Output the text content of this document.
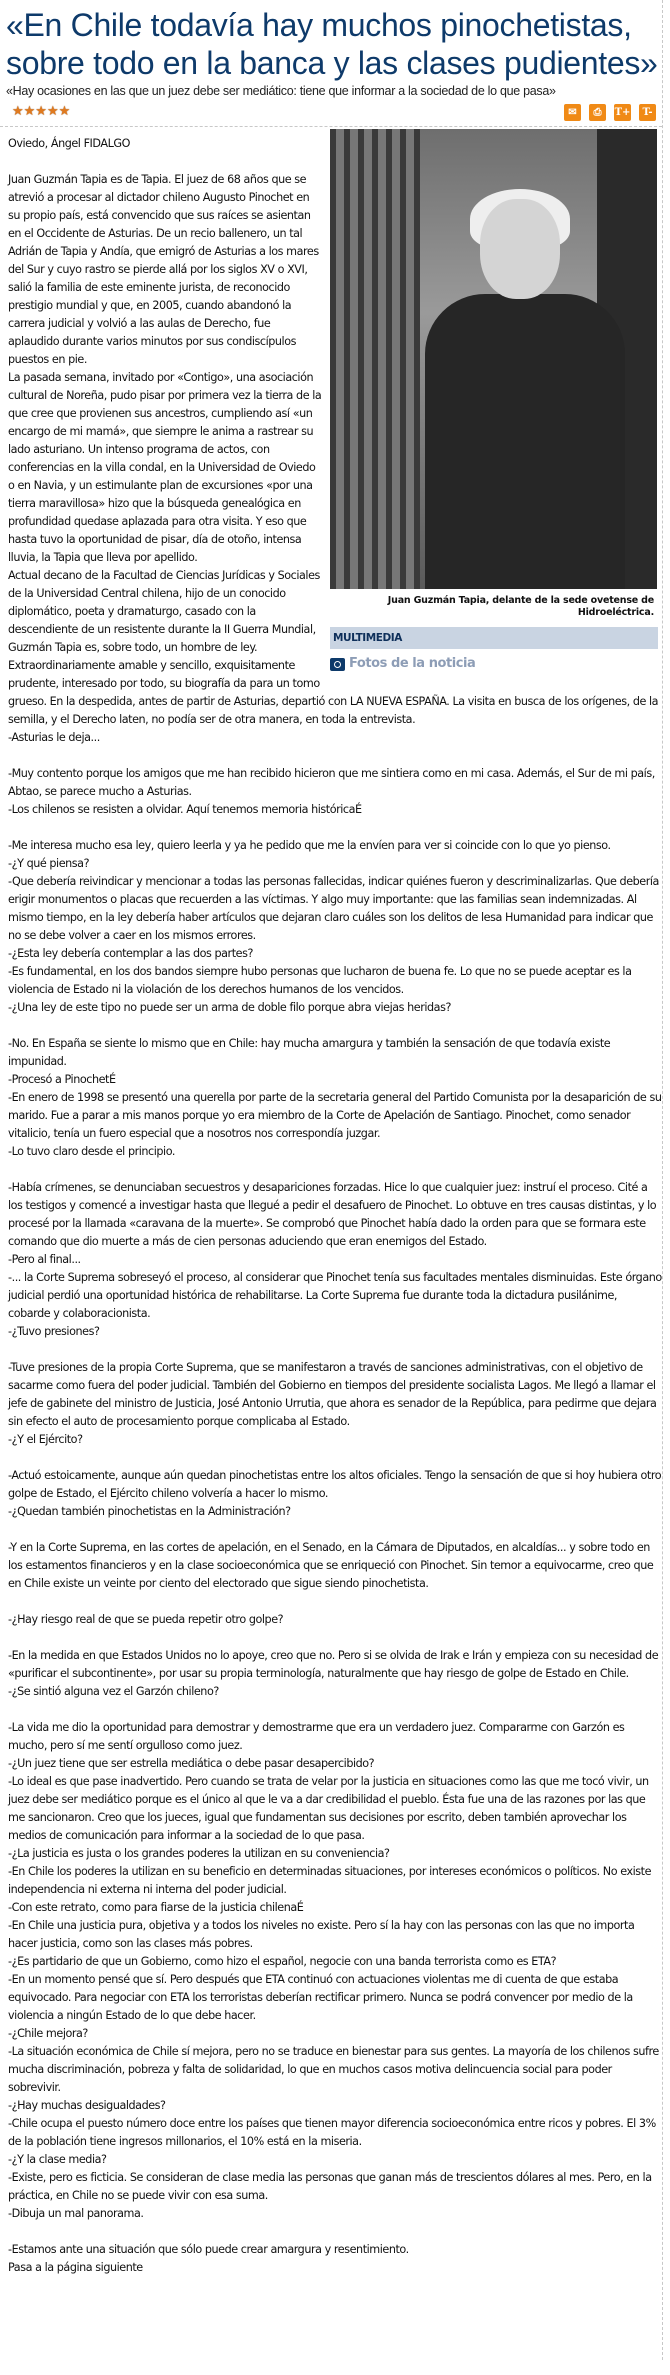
«En Chile todavía hay muchos pinochetistas, sobre todo en la banca y las clases pudientes»
«Hay ocasiones en las que un juez debe ser mediático: tiene que informar a la sociedad de lo que pasa»
★★★★★	✉	⎙	T+	T-
Juan Guzmán Tapia, delante de la sede ovetense de Hidroeléctrica.
MULTIMEDIA
Fotos de la noticia
Oviedo, Ángel FIDALGO

Juan Guzmán Tapia es de Tapia. El juez de 68 años que se atrevió a procesar al dictador chileno Augusto Pinochet en su propio país, está convencido que sus raíces se asientan en el Occidente de Asturias. De un recio ballenero, un tal Adrián de Tapia y Andía, que emigró de Asturias a los mares del Sur y cuyo rastro se pierde allá por los siglos XV o XVI, salió la familia de este eminente jurista, de reconocido prestigio mundial y que, en 2005, cuando abandonó la carrera judicial y volvió a las aulas de Derecho, fue aplaudido durante varios minutos por sus condiscípulos puestos en pie.
La pasada semana, invitado por «Contigo», una asociación cultural de Noreña, pudo pisar por primera vez la tierra de la que cree que provienen sus ancestros, cumpliendo así «un encargo de mi mamá», que siempre le anima a rastrear su lado asturiano. Un intenso programa de actos, con conferencias en la villa condal, en la Universidad de Oviedo o en Navia, y un estimulante plan de excursiones «por una tierra maravillosa» hizo que la búsqueda genealógica en profundidad quedase aplazada para otra visita. Y eso que hasta tuvo la oportunidad de pisar, día de otoño, intensa lluvia, la Tapia que lleva por apellido.
Actual decano de la Facultad de Ciencias Jurídicas y Sociales de la Universidad Central chilena, hijo de un conocido diplomático, poeta y dramaturgo, casado con la descendiente de un resistente durante la II Guerra Mundial, Guzmán Tapia es, sobre todo, un hombre de ley. Extraordinariamente amable y sencillo, exquisitamente prudente, interesado por todo, su biografía da para un tomo grueso. En la despedida, antes de partir de Asturias, departió con LA NUEVA ESPAÑA. La visita en busca de los orígenes, de la semilla, y el Derecho laten, no podía ser de otra manera, en toda la entrevista.
-Asturias le deja...

-Muy contento porque los amigos que me han recibido hicieron que me sintiera como en mi casa. Además, el Sur de mi país, Abtao, se parece mucho a Asturias.
-Los chilenos se resisten a olvidar. Aquí tenemos memoria históricaÉ

-Me interesa mucho esa ley, quiero leerla y ya he pedido que me la envíen para ver si coincide con lo que yo pienso.
-¿Y qué piensa?
-Que debería reivindicar y mencionar a todas las personas fallecidas, indicar quiénes fueron y descriminalizarlas. Que debería erigir monumentos o placas que recuerden a las víctimas. Y algo muy importante: que las familias sean indemnizadas. Al mismo tiempo, en la ley debería haber artículos que dejaran claro cuáles son los delitos de lesa Humanidad para indicar que no se debe volver a caer en los mismos errores.
-¿Esta ley debería contemplar a las dos partes?
-Es fundamental, en los dos bandos siempre hubo personas que lucharon de buena fe. Lo que no se puede aceptar es la violencia de Estado ni la violación de los derechos humanos de los vencidos.
-¿Una ley de este tipo no puede ser un arma de doble filo porque abra viejas heridas?

-No. En España se siente lo mismo que en Chile: hay mucha amargura y también la sensación de que todavía existe impunidad.
-Procesó a PinochetÉ
-En enero de 1998 se presentó una querella por parte de la secretaria general del Partido Comunista por la desaparición de su marido. Fue a parar a mis manos porque yo era miembro de la Corte de Apelación de Santiago. Pinochet, como senador vitalicio, tenía un fuero especial que a nosotros nos correspondía juzgar.
-Lo tuvo claro desde el principio.

-Había crímenes, se denunciaban secuestros y desapariciones forzadas. Hice lo que cualquier juez: instruí el proceso. Cité a los testigos y comencé a investigar hasta que llegué a pedir el desafuero de Pinochet. Lo obtuve en tres causas distintas, y lo procesé por la llamada «caravana de la muerte». Se comprobó que Pinochet había dado la orden para que se formara este comando que dio muerte a más de cien personas aduciendo que eran enemigos del Estado.
-Pero al final...
-... la Corte Suprema sobreseyó el proceso, al considerar que Pinochet tenía sus facultades mentales disminuidas. Este órgano judicial perdió una oportunidad histórica de rehabilitarse. La Corte Suprema fue durante toda la dictadura pusilánime, cobarde y colaboracionista.
-¿Tuvo presiones?

-Tuve presiones de la propia Corte Suprema, que se manifestaron a través de sanciones administrativas, con el objetivo de sacarme como fuera del poder judicial. También del Gobierno en tiempos del presidente socialista Lagos. Me llegó a llamar el jefe de gabinete del ministro de Justicia, José Antonio Urrutia, que ahora es senador de la República, para pedirme que dejara sin efecto el auto de procesamiento porque complicaba al Estado.
-¿Y el Ejército?

-Actuó estoicamente, aunque aún quedan pinochetistas entre los altos oficiales. Tengo la sensación de que si hoy hubiera otro golpe de Estado, el Ejército chileno volvería a hacer lo mismo.
-¿Quedan también pinochetistas en la Administración?

-Y en la Corte Suprema, en las cortes de apelación, en el Senado, en la Cámara de Diputados, en alcaldías... y sobre todo en los estamentos financieros y en la clase socioeconómica que se enriqueció con Pinochet. Sin temor a equivocarme, creo que en Chile existe un veinte por ciento del electorado que sigue siendo pinochetista.

-¿Hay riesgo real de que se pueda repetir otro golpe?

-En la medida en que Estados Unidos no lo apoye, creo que no. Pero si se olvida de Irak e Irán y empieza con su necesidad de «purificar el subcontinente», por usar su propia terminología, naturalmente que hay riesgo de golpe de Estado en Chile.
-¿Se sintió alguna vez el Garzón chileno?

-La vida me dio la oportunidad para demostrar y demostrarme que era un verdadero juez. Compararme con Garzón es mucho, pero sí me sentí orgulloso como juez.
-¿Un juez tiene que ser estrella mediática o debe pasar desapercibido?
-Lo ideal es que pase inadvertido. Pero cuando se trata de velar por la justicia en situaciones como las que me tocó vivir, un juez debe ser mediático porque es el único al que le va a dar credibilidad el pueblo. Ésta fue una de las razones por las que me sancionaron. Creo que los jueces, igual que fundamentan sus decisiones por escrito, deben también aprovechar los medios de comunicación para informar a la sociedad de lo que pasa.
-¿La justicia es justa o los grandes poderes la utilizan en su conveniencia?
-En Chile los poderes la utilizan en su beneficio en determinadas situaciones, por intereses económicos o políticos. No existe independencia ni externa ni interna del poder judicial.
-Con este retrato, como para fiarse de la justicia chilenaÉ
-En Chile una justicia pura, objetiva y a todos los niveles no existe. Pero sí la hay con las personas con las que no importa hacer justicia, como son las clases más pobres.
-¿Es partidario de que un Gobierno, como hizo el español, negocie con una banda terrorista como es ETA?
-En un momento pensé que sí. Pero después que ETA continuó con actuaciones violentas me di cuenta de que estaba equivocado. Para negociar con ETA los terroristas deberían rectificar primero. Nunca se podrá convencer por medio de la violencia a ningún Estado de lo que debe hacer.
-¿Chile mejora?
-La situación económica de Chile sí mejora, pero no se traduce en bienestar para sus gentes. La mayoría de los chilenos sufre mucha discriminación, pobreza y falta de solidaridad, lo que en muchos casos motiva delincuencia social para poder sobrevivir.
-¿Hay muchas desigualdades?
-Chile ocupa el puesto número doce entre los países que tienen mayor diferencia socioeconómica entre ricos y pobres. El 3% de la población tiene ingresos millonarios, el 10% está en la miseria.
-¿Y la clase media?
-Existe, pero es ficticia. Se consideran de clase media las personas que ganan más de trescientos dólares al mes. Pero, en la práctica, en Chile no se puede vivir con esa suma.
-Dibuja un mal panorama.

-Estamos ante una situación que sólo puede crear amargura y resentimiento.
Pasa a la página siguiente
